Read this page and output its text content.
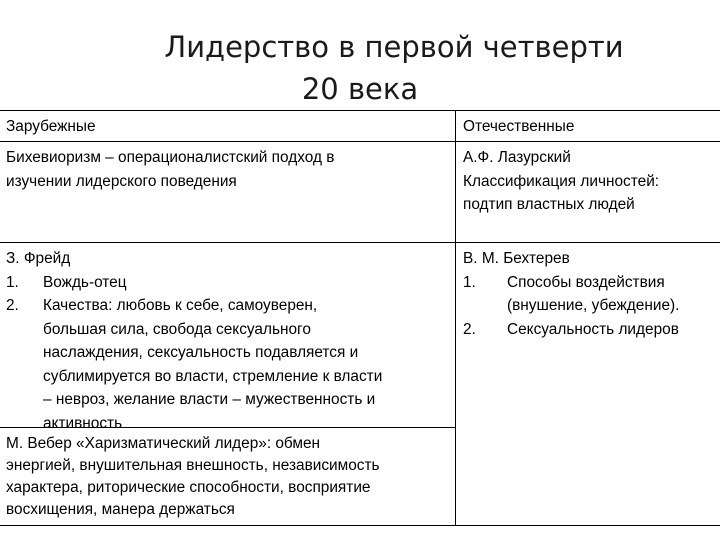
Лидерство в первой четверти
20 века
Зарубежные	Отечественные
Бихевиоризм – операционалистский подход в
изучении лидерского поведения
А.Ф. Лазурский
Классификация личностей:
подтип властных людей
З. Фрейд
1. Вождь-отец
2. Качества: любовь к себе, самоуверен,
большая сила, свобода сексуального
наслаждения, сексуальность подавляется и
сублимируется во власти, стремление к власти
– невроз, желание власти – мужественность и
активность
В. М. Бехтерев
1. Способы воздействия
(внушение, убеждение).
2. Сексуальность лидеров
М. Вебер «Харизматический лидер»: обмен
энергией, внушительная внешность, независимость
характера, риторические способности, восприятие
восхищения, манера держаться
